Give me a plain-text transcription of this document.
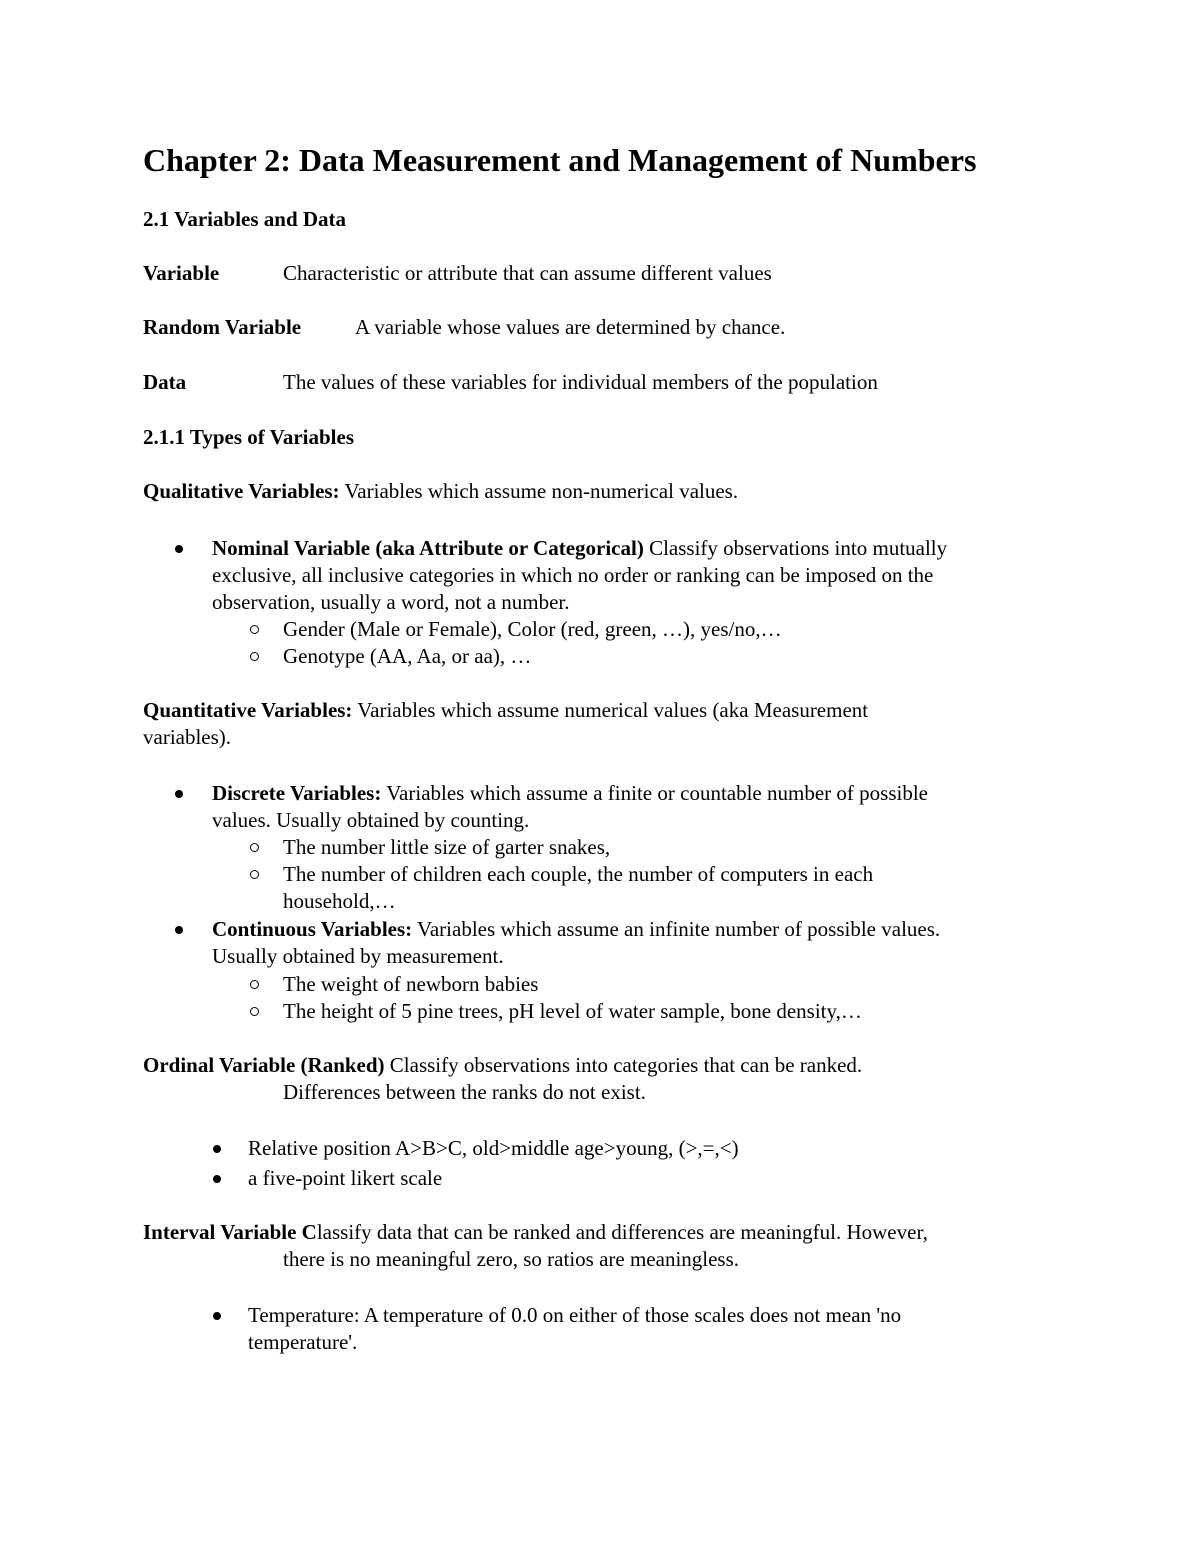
Chapter 2: Data Measurement and Management of Numbers
2.1 Variables and Data
Variable	Characteristic or attribute that can assume different values
Random Variable	A variable whose values are determined by chance.
Data	The values of these variables for individual members of the population
2.1.1 Types of Variables
Qualitative Variables: Variables which assume non-numerical values.
Nominal Variable (aka Attribute or Categorical) Classify observations into mutually
exclusive, all inclusive categories in which no order or ranking can be imposed on the
observation, usually a word, not a number.
Gender (Male or Female), Color (red, green, …), yes/no,…
Genotype (AA, Aa, or aa), …
Quantitative Variables: Variables which assume numerical values (aka Measurement
variables).
Discrete Variables: Variables which assume a finite or countable number of possible
values. Usually obtained by counting.
The number little size of garter snakes,
The number of children each couple, the number of computers in each
household,…
Continuous Variables: Variables which assume an infinite number of possible values.
Usually obtained by measurement.
The weight of newborn babies
The height of 5 pine trees, pH level of water sample, bone density,…
Ordinal Variable (Ranked) Classify observations into categories that can be ranked.
Differences between the ranks do not exist.
Relative position A>B>C, old>middle age>young, (>,=,<)
a five-point likert scale
Interval Variable Classify data that can be ranked and differences are meaningful. However,
there is no meaningful zero, so ratios are meaningless.
Temperature: A temperature of 0.0 on either of those scales does not mean 'no
temperature'.
